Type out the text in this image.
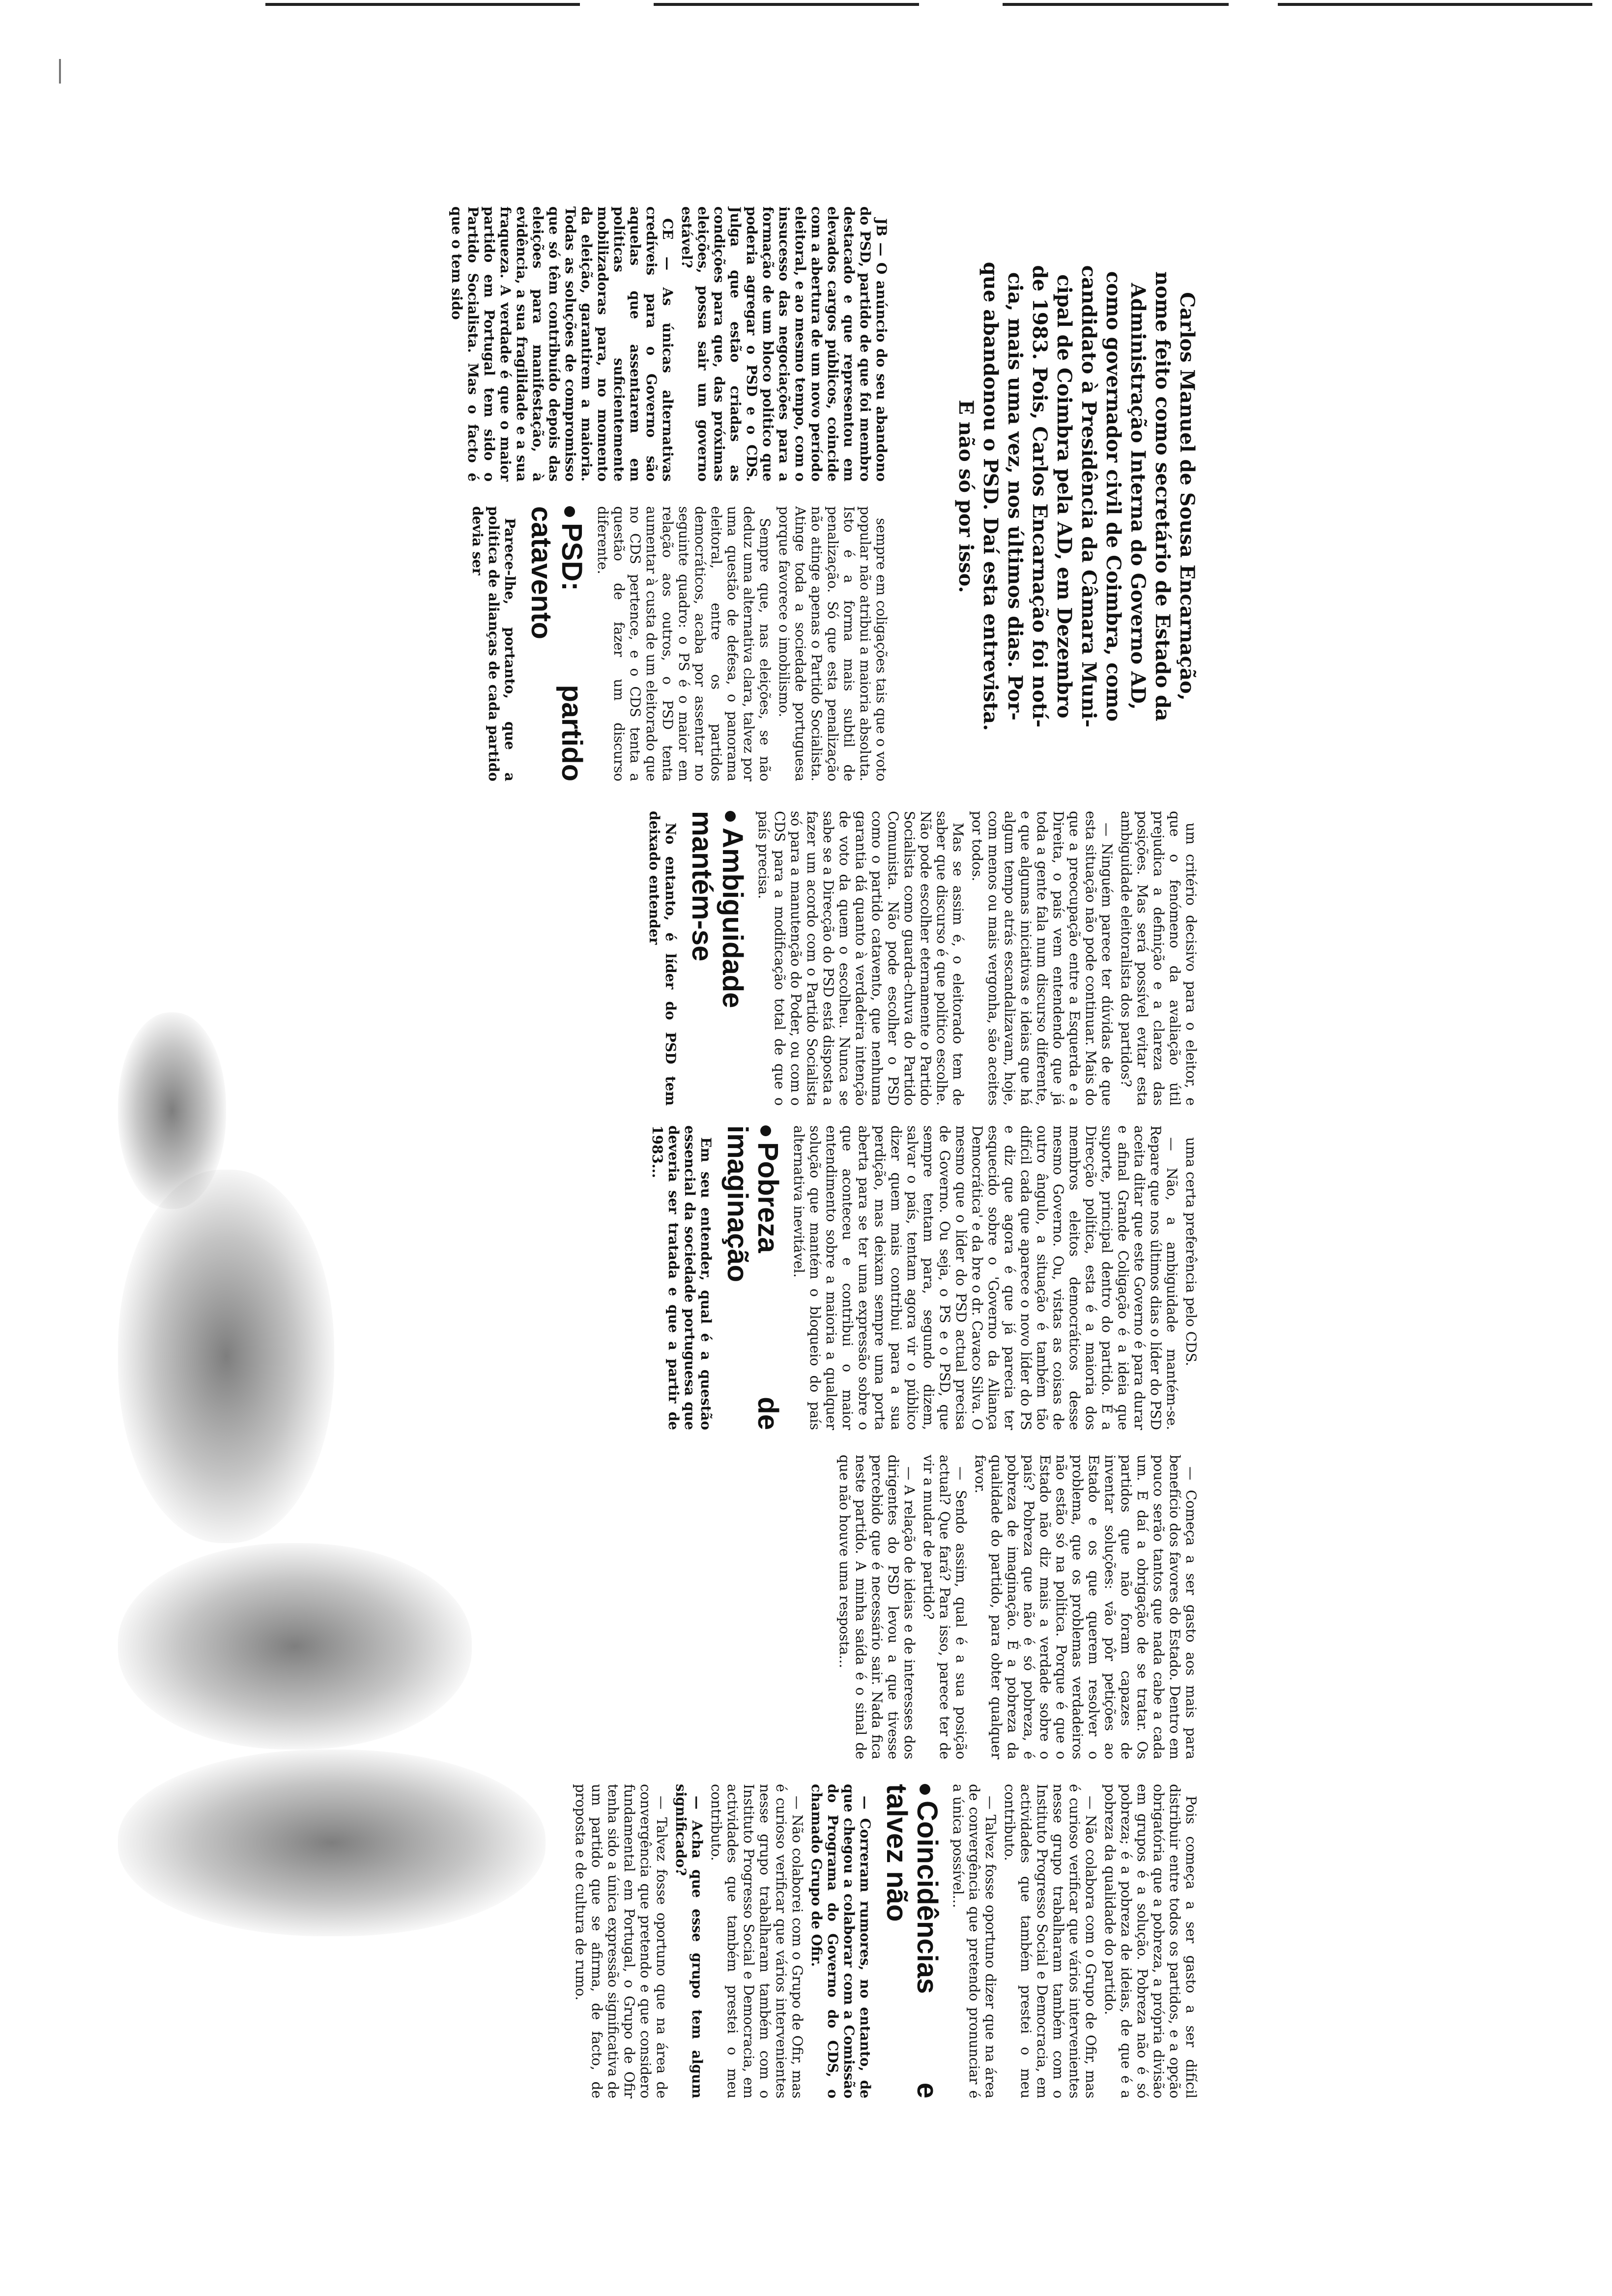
Carlos Manuel de Sousa Encarnação,

nome feito como secretário de Estado da

Administração Interna do Governo AD,

como governador civil de Coimbra, como

candidato à Presidência da Câmara Muni-

cipal de Coimbra pela AD, em Dezembro

de 1983. Pois, Carlos Encarnação foi notí-

cia, mais uma vez, nos últimos dias. Por-

que abandonou o PSD. Daí esta entrevista.

E não só por isso.

JB — O anúncio do seu abandono do PSD, partido de que foi membro destacado e que representou em elevados cargos públicos, coincide com a abertura de um novo período eleitoral, e ao mesmo tempo, com o insucesso das negociações para a formação de um bloco político que poderia agregar o PSD e o CDS. Julga que estão criadas as condições para que, das próximas eleições, possa sair um governo estável?

CE — As únicas alternativas credíveis para o Governo são aquelas que assentarem em políticas suficientemente mobilizadoras para, no momento da eleição, garantirem a maioria. Todas as soluções de compromisso que só têm contribuído depois das eleições para manifestação, à evidência, a sua fragilidade e a sua fraqueza. A verdade é que o maior partido em Portugal tem sido o Partido Socialista. Mas o facto é que o tem sido

sempre em coligações tais que o voto popular não atribui a maioria absoluta. Isto é a forma mais subtil de penalização. Só que esta penalização não atinge apenas o Partido Socialista. Atinge toda a sociedade portuguesa porque favorece o imobilismo.

Sempre que, nas eleições, se não deduz uma alternativa clara, talvez por uma questão de defesa, o panorama eleitoral, entre os partidos democráticos, acaba por assentar no seguinte quadro: o PS é o maior em relação aos outros, o PSD tenta aumentar à custa de um eleitorado que no CDS pertence, e o CDS tenta a questão de fazer um discurso diferente.

PSD: partido catavento

Parece-lhe, portanto, que a política de alianças de cada partido devia ser

um critério decisivo para o eleitor, e que o fenómeno da avaliação útil prejudica a definição e a clareza das posições. Mas será possível evitar esta ambiguidade eleitoralista dos partidos?

— Ninguém parece ter dúvidas de que esta situação não pode continuar. Mais do que a preocupação entre a Esquerda e a Direita, o país vem entendendo que já toda a gente fala num discurso diferente, e que algumas iniciativas e ideias que há algum tempo atrás escandalizavam, hoje, com menos ou mais vergonha, são aceites por todos.

Mas se assim é, o eleitorado tem de saber que discurso é que político escolhe. Não pode escolher eternamente o Partido Socialista como guarda-chuva do Partido Comunista. Não pode escolher o PSD como o partido catavento, que nenhuma garantia dá quanto à verdadeira intenção de voto da quem o escolheu. Nunca se sabe se a Direcção do PSD está disposta a fazer um acordo com o Partido Socialista só para a manutenção do Poder, ou com o CDS para a modificação total de que o país precisa.

Ambiguidade mantém-se

No entanto, é líder do PSD tem deixado entender

uma certa preferência pelo CDS.

— Não, a ambiguidade mantém-se. Repare que nos últimos dias o líder do PSD aceita ditar que este Governo é para durar e afinal Grande Coligação é a ideia que suporte, principal dentro do partido. É a Direcção política, esta é a maioria dos membros eleitos democráticos desse mesmo Governo. Ou, vistas as coisas de outro ângulo, a situação é também tão difícil cada que aparece o novo líder do PS e diz que agora é que já parecia ter esquecido sobre o 'Governo da Aliança Democrática' e da bre o dr. Cavaco Silva. O mesmo que o líder do PSD actual precisa de Governo. Ou seja, o PS e o PSD, que sempre tentam para, segundo dizem, salvar o país, tentam agora vir o público dizer quem mais contribui para a sua perdição, mas deixam sempre uma porta aberta para se ter uma expressão sobre o que aconteceu e contribui o maior entendimento sobre a maioria a qualquer solução que mantém o bloqueio do país alternativa inevitável.

Pobreza de imaginação

Em seu entender, qual é a questão essencial da sociedade portuguesa que deveria ser tratada e que a partir de 1983...

— Começa a ser gasto aos mais para benefício dos favores do Estado. Dentro em pouco serão tantos que nada cabe a cada um. E daí a obrigação de se tratar. Os partidos que não foram capazes de inventar soluções: vão pôr petições ao Estado e os que querem resolver o problema, que os problemas verdadeiros não estão só na política. Porque é que o Estado não diz mais a verdade sobre o país? Pobreza que não é só pobreza, é pobreza de imaginação. É a pobreza da qualidade do partido, para obter qualquer favor.

— Sendo assim, qual é a sua posição actual? Que fará? Para isso, parece ter de vir a mudar de partido?

— A relação de ideias e de interesses dos dirigentes do PSD levou a que tivesse percebido que é necessário sair. Nada fica neste partido. A minha saída é o sinal de que não houve uma resposta...

Pois começa a ser gasto a ser difícil distribuir entre todos os partidos, e a opção obrigatória que a pobreza, a própria divisão em grupos é a solução. Pobreza não é só pobreza; é a pobreza de ideias, de que é a pobreza da qualidade do partido.

— Não colabora com o Grupo de Ofir, mas é curioso verificar que vários intervenientes nesse grupo trabalharam também com o Instituto Progresso Social e Democracia, em actividades que também prestei o meu contributo.

— Talvez fosse oportuno dizer que na área de convergência que pretendo pronunciar é a única possível...

Coincidências e talvez não

— Correram rumores, no entanto, de que chegou a colaborar com a Comissão do Programa do Governo do CDS, o chamado Grupo de Ofir.

— Não colaborei com o Grupo de Ofir, mas é curioso verificar que vários intervenientes nesse grupo trabalharam também com o Instituto Progresso Social e Democracia, em actividades que também prestei o meu contributo.

— Acha que esse grupo tem algum significado?

— Talvez fosse oportuno que na área de convergência que pretendo e que considero fundamental em Portugal, o Grupo de Ofir tenha sido a única expressão significativa de um partido que se afirma, de facto, de proposta e de cultura de rumo.
